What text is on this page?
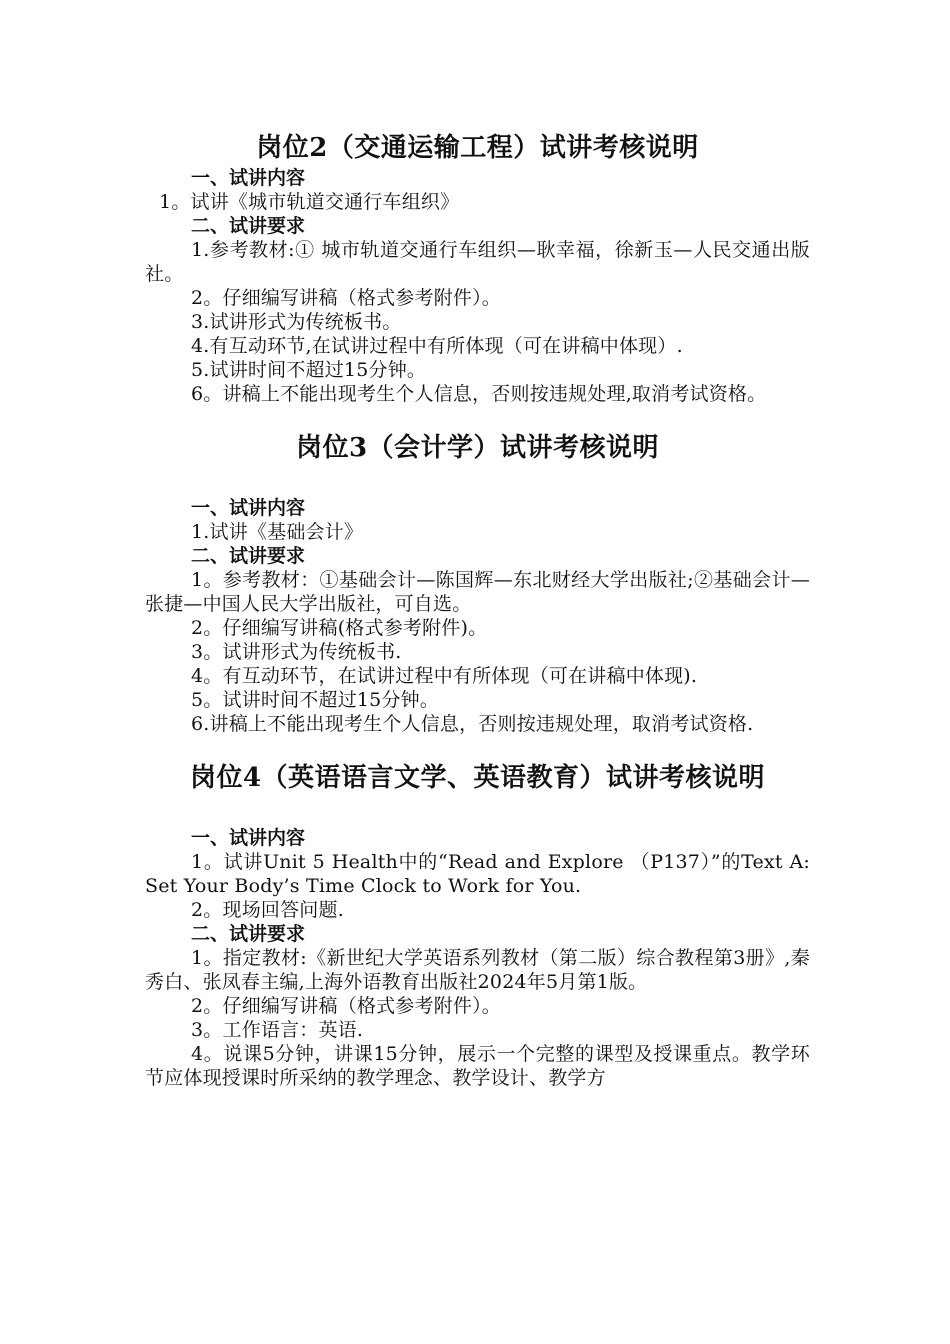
岗位2（交通运输工程）试讲考核说明

一、试讲内容

1。试讲《城市轨道交通行车组织》

二、试讲要求

1.参考教材:① 城市轨道交通行车组织—耿幸福，徐新玉—人民交通出版社。

2。仔细编写讲稿（格式参考附件）。

3.试讲形式为传统板书。

4.有互动环节,在试讲过程中有所体现（可在讲稿中体现）.

5.试讲时间不超过15分钟。

6。讲稿上不能出现考生个人信息，否则按违规处理,取消考试资格。

岗位3（会计学）试讲考核说明

一、试讲内容

1.试讲《基础会计》

二、试讲要求

1。参考教材：①基础会计—陈国辉—东北财经大学出版社;②基础会计—张捷—中国人民大学出版社，可自选。

2。仔细编写讲稿(格式参考附件)。

3。试讲形式为传统板书.

4。有互动环节，在试讲过程中有所体现（可在讲稿中体现).

5。试讲时间不超过15分钟。

6.讲稿上不能出现考生个人信息，否则按违规处理，取消考试资格.

岗位4（英语语言文学、英语教育）试讲考核说明

一、试讲内容

1。试讲Unit 5 Health中的“Read and Explore （P137）”的Text A: Set Your Body’s Time Clock to Work for You.

2。现场回答问题.

二、试讲要求

1。指定教材:《新世纪大学英语系列教材（第二版）综合教程第3册》,秦秀白、张凤春主编,上海外语教育出版社2024年5月第1版。

2。仔细编写讲稿（格式参考附件）。

3。工作语言：英语.

4。说课5分钟，讲课15分钟，展示一个完整的课型及授课重点。教学环节应体现授课时所采纳的教学理念、教学设计、教学方
